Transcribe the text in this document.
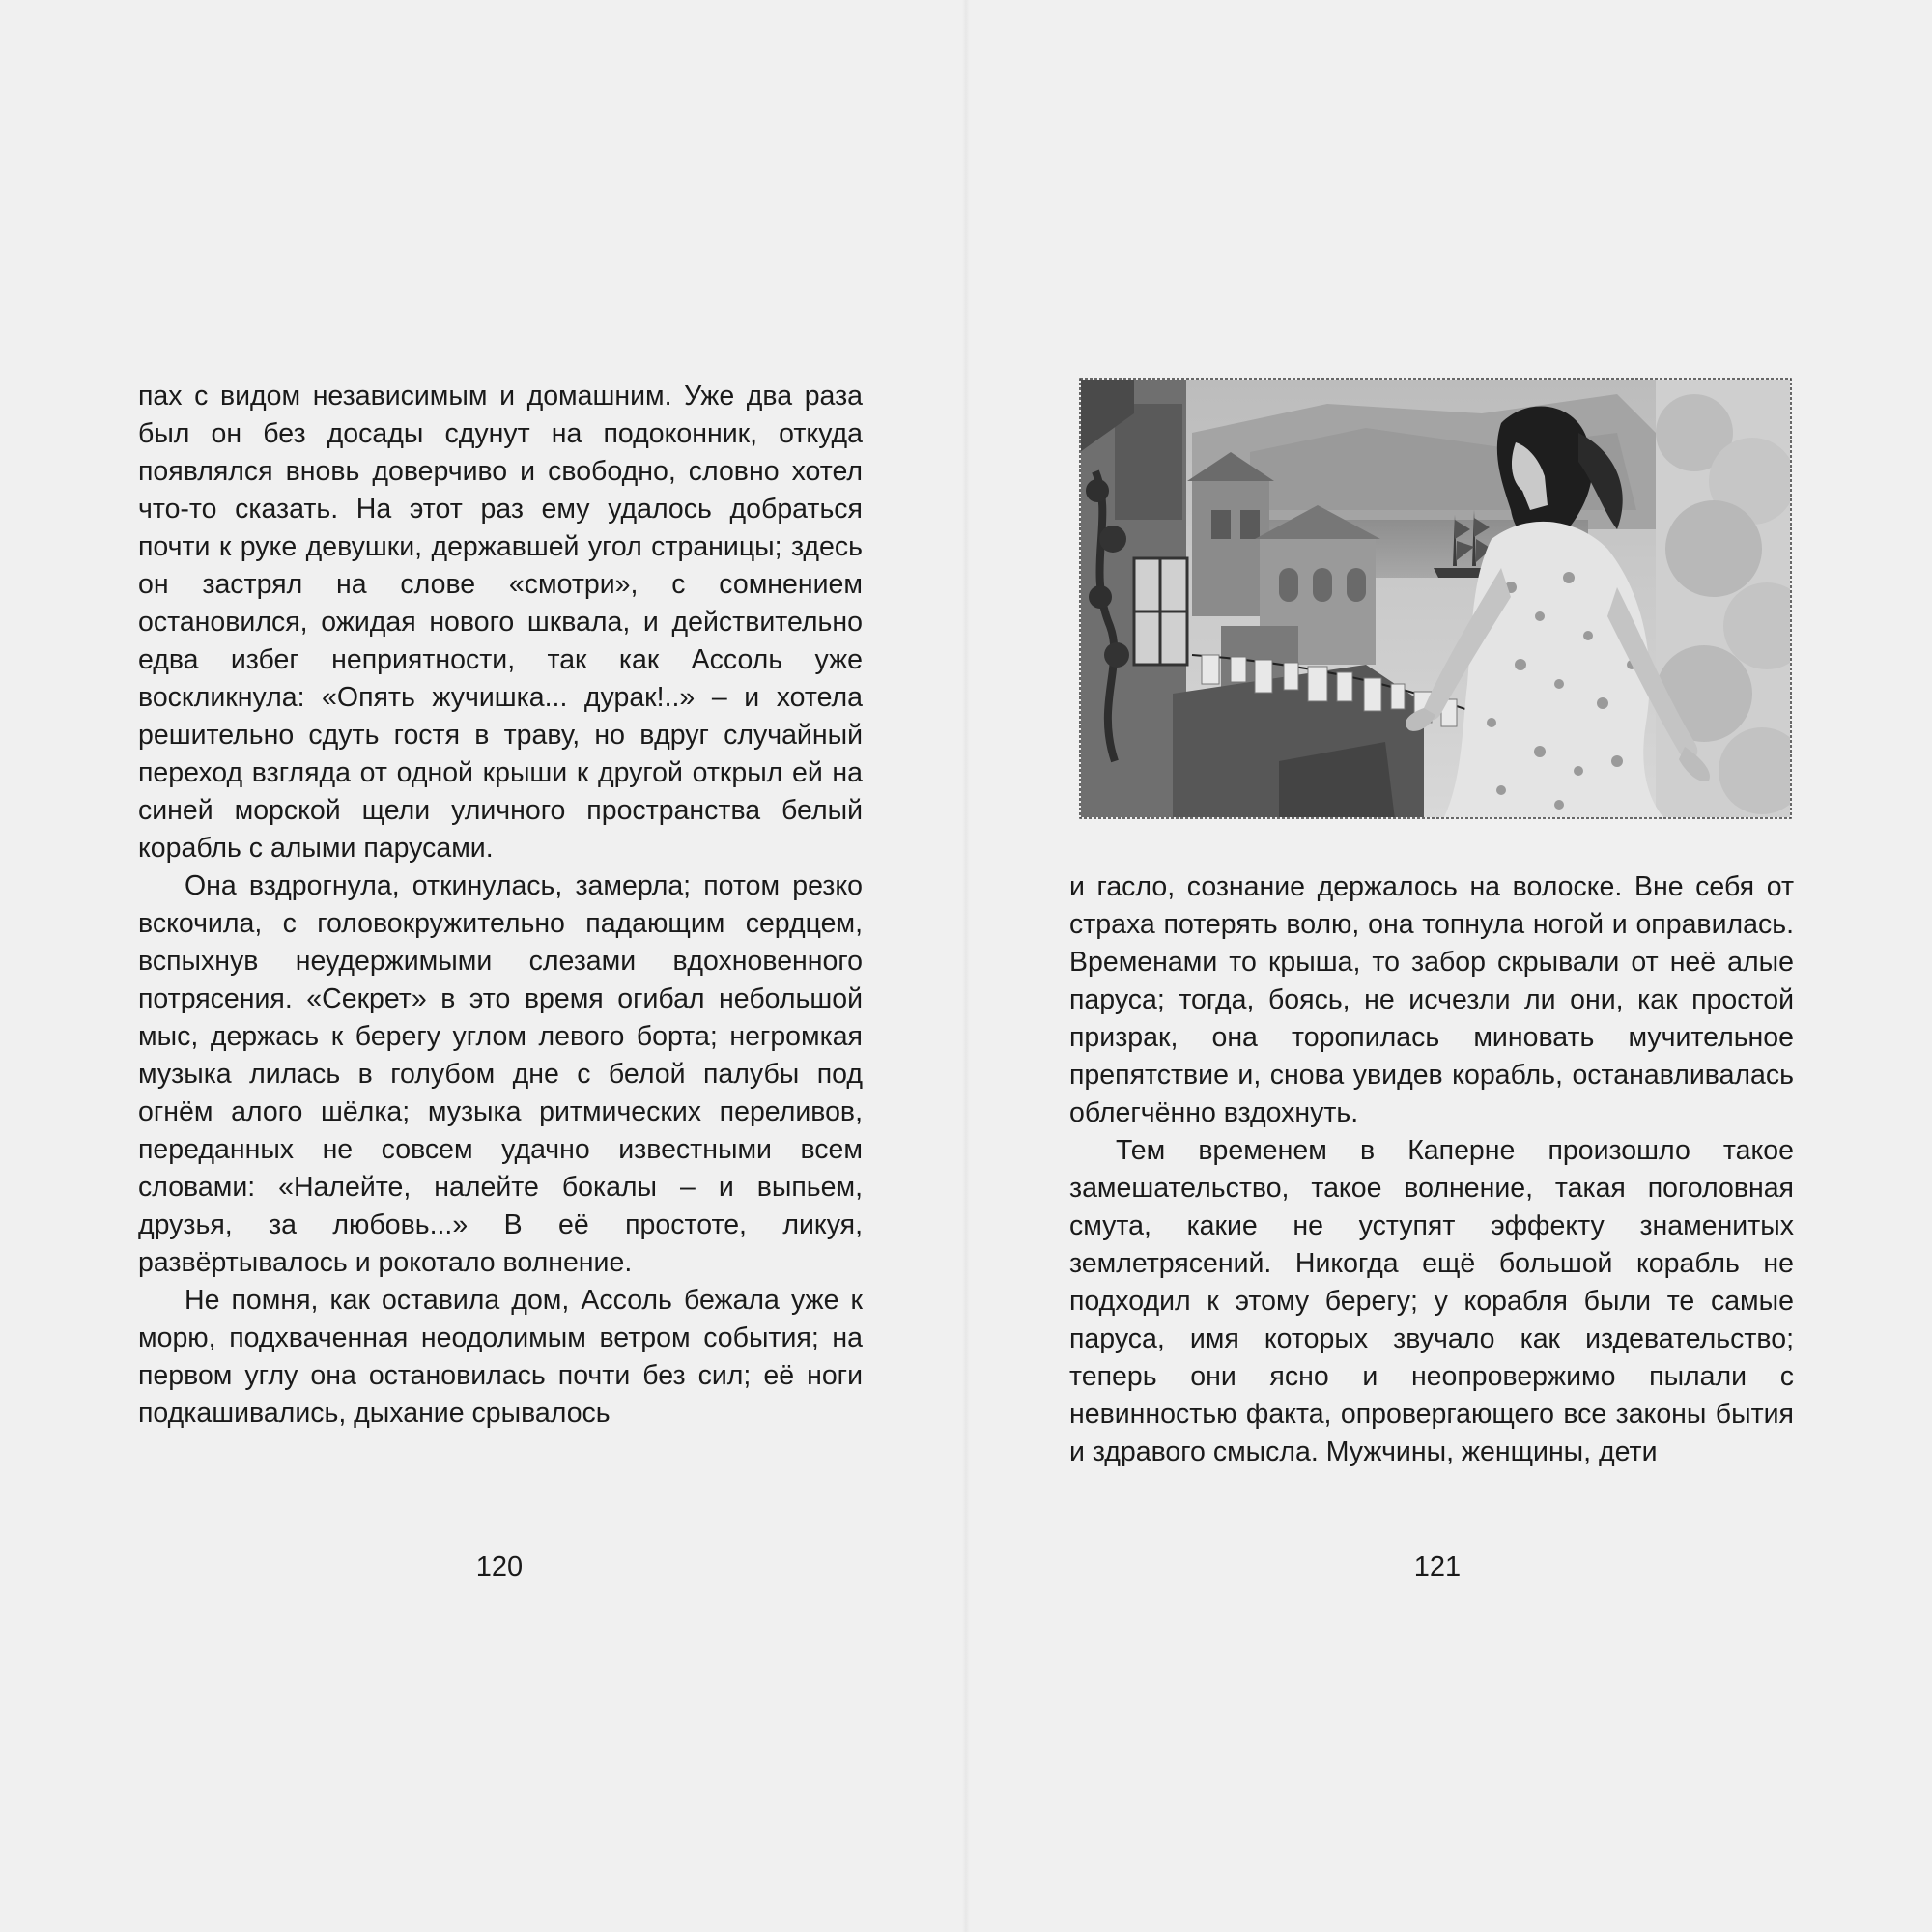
пах с видом независимым и домашним. Уже два раза был он без досады сдунут на подоконник, откуда появлялся вновь доверчиво и свободно, словно хотел что-то сказать. На этот раз ему удалось добраться почти к руке девушки, державшей угол страницы; здесь он застрял на слове «смотри», с сомнением остановился, ожидая нового шквала, и действительно едва избег неприятности, так как Ассоль уже воскликнула: «Опять жучишка... дурак!..» – и хотела решительно сдуть гостя в траву, но вдруг случайный переход взгляда от одной крыши к другой открыл ей на синей морской щели уличного пространства белый корабль с алыми парусами.

Она вздрогнула, откинулась, замерла; потом резко вскочила, с головокружительно падающим сердцем, вспыхнув неудержимыми слезами вдохновенного потрясения. «Секрет» в это время огибал небольшой мыс, держась к берегу углом левого борта; негромкая музыка лилась в голубом дне с белой палубы под огнём алого шёлка; музыка ритмических переливов, переданных не совсем удачно известными всем словами: «Налейте, налейте бокалы – и выпьем, друзья, за любовь...» В её простоте, ликуя, развёртывалось и рокотало волнение.

Не помня, как оставила дом, Ассоль бежала уже к морю, подхваченная неодолимым ветром события; на первом углу она остановилась почти без сил; её ноги подкашивались, дыхание срывалось

120

и гасло, сознание держалось на волоске. Вне себя от страха потерять волю, она топнула ногой и оправилась. Временами то крыша, то забор скрывали от неё алые паруса; тогда, боясь, не исчезли ли они, как простой призрак, она торопилась миновать мучительное препятствие и, снова увидев корабль, останавливалась облегчённо вздохнуть.

Тем временем в Каперне произошло такое замешательство, такое волнение, такая поголовная смута, какие не уступят эффекту знаменитых землетрясений. Никогда ещё большой корабль не подходил к этому берегу; у корабля были те самые паруса, имя которых звучало как издевательство; теперь они ясно и неопровержимо пылали с невинностью факта, опровергающего все законы бытия и здравого смысла. Мужчины, женщины, дети

121
